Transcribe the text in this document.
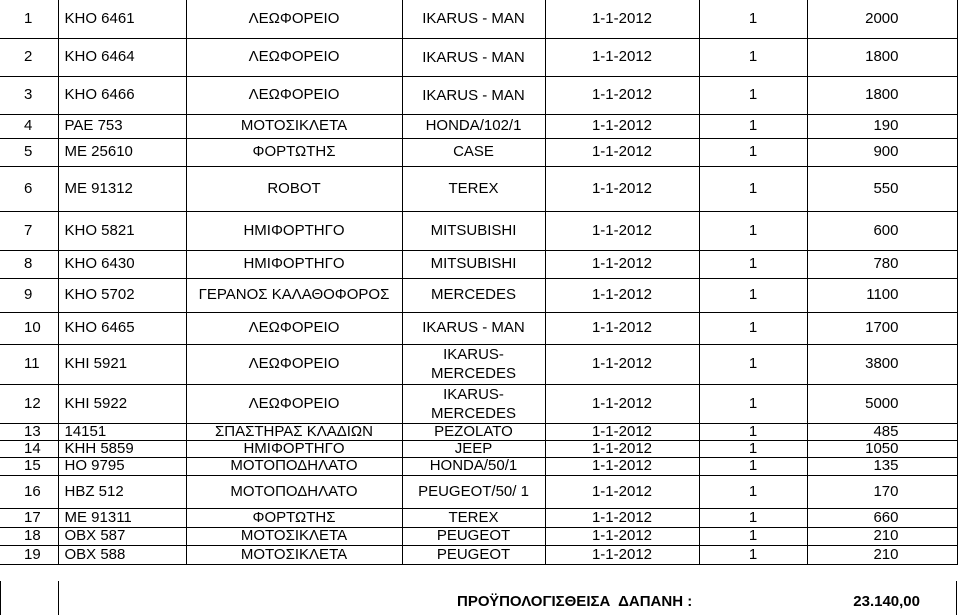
1	ΚΗΟ 6461	ΛΕΩΦΟΡΕΙΟ	IKARUS - MAN	1-1-2012	1	2000
2	ΚΗΟ 6464	ΛΕΩΦΟΡΕΙΟ	IKARUS - MAN	1-1-2012	1	1800
3	ΚΗΟ 6466	ΛΕΩΦΟΡΕΙΟ	IKARUS - MAN	1-1-2012	1	1800
4	ΡΑΕ 753	ΜΟΤΟΣΙΚΛΕΤΑ	HONDA/102/1	1-1-2012	1	190
5	ΜΕ 25610	ΦΟΡΤΩΤΗΣ	CASE	1-1-2012	1	900
6	ΜΕ 91312	ROBOT	TEREX	1-1-2012	1	550
7	ΚΗΟ 5821	ΗΜΙΦΟΡΤΗΓΟ	MITSUBISHI	1-1-2012	1	600
8	ΚΗΟ 6430	ΗΜΙΦΟΡΤΗΓΟ	MITSUBISHI	1-1-2012	1	780
9	ΚΗΟ 5702	ΓΕΡΑΝΟΣ ΚΑΛΑΘΟΦΟΡΟΣ	MERCEDES	1-1-2012	1	1100
10	ΚΗΟ 6465	ΛΕΩΦΟΡΕΙΟ	IKARUS - MAN	1-1-2012	1	1700
11	ΚΗΙ 5921	ΛΕΩΦΟΡΕΙΟ	IKARUS- MERCEDES	1-1-2012	1	3800
12	ΚΗΙ 5922	ΛΕΩΦΟΡΕΙΟ	IKARUS- MERCEDES	1-1-2012	1	5000
13	14151	ΣΠΑΣΤΗΡΑΣ ΚΛΑΔΙΩΝ	PEZOLATO	1-1-2012	1	485
14	ΚΗΗ 5859	ΗΜΙΦΟΡΤΗΓΟ	JEEP	1-1-2012	1	1050
15	ΗΟ 9795	ΜΟΤΟΠΟΔΗΛΑΤΟ	HONDA/50/1	1-1-2012	1	135
16	ΗΒΖ 512	ΜΟΤΟΠΟΔΗΛΑΤΟ	PEUGEOT/50/ 1	1-1-2012	1	170
17	ΜΕ 91311	ΦΟΡΤΩΤΗΣ	TEREX	1-1-2012	1	660
18	ΟΒΧ 587	ΜΟΤΟΣΙΚΛΕΤΑ	PEUGEOT	1-1-2012	1	210
19	ΟΒΧ 588	ΜΟΤΟΣΙΚΛΕΤΑ	PEUGEOT	1-1-2012	1	210
ΠΡΟΫΠΟΛΟΓΙΣΘΕΙΣΑ  ΔΑΠΑΝΗ :	23.140,00
